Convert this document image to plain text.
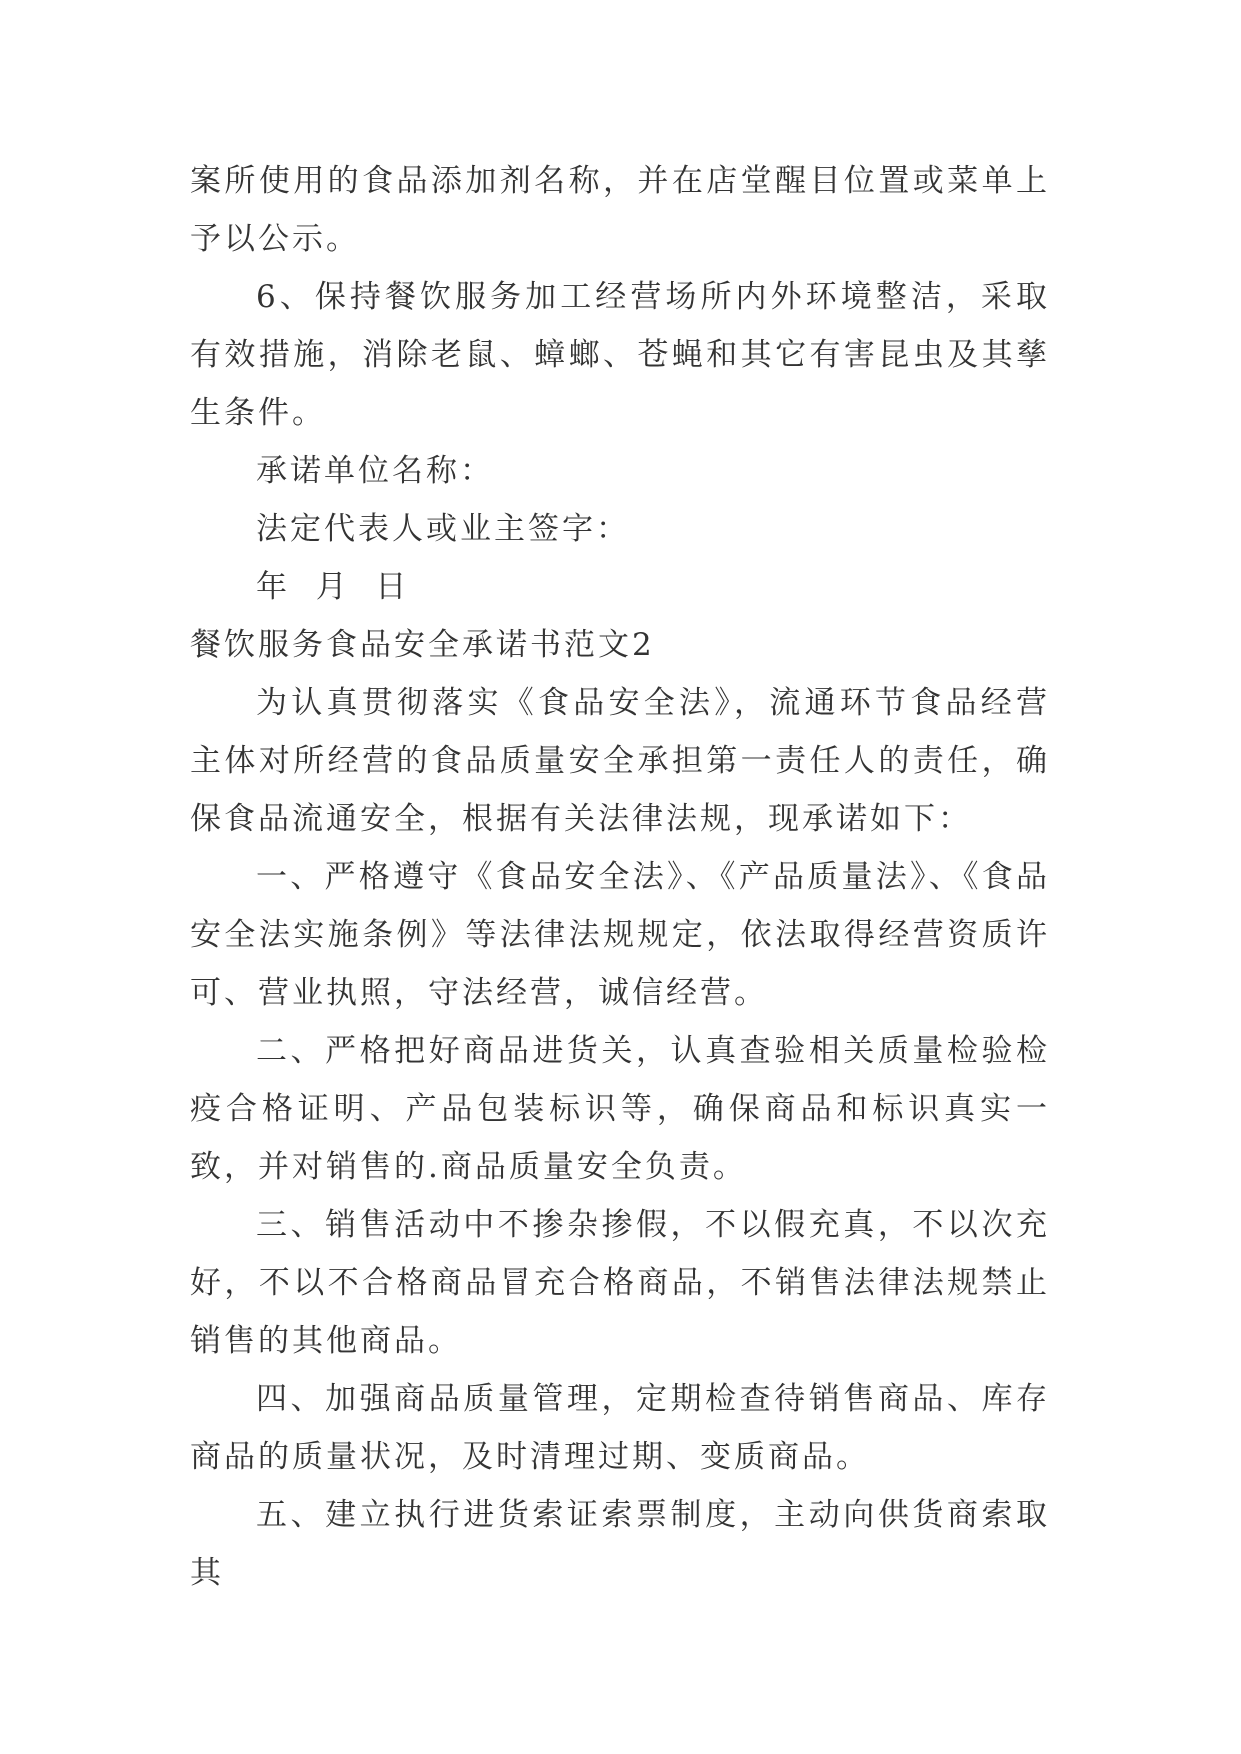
案所使用的食品添加剂名称，并在店堂醒目位置或菜单上予以公示。

6、保持餐饮服务加工经营场所内外环境整洁，采取有效措施，消除老鼠、蟑螂、苍蝇和其它有害昆虫及其孳生条件。

承诺单位名称：

法定代表人或业主签字：

年  月  日

餐饮服务食品安全承诺书范文2

为认真贯彻落实《食品安全法》，流通环节食品经营主体对所经营的食品质量安全承担第一责任人的责任，确保食品流通安全，根据有关法律法规，现承诺如下：

一、严格遵守《食品安全法》、《产品质量法》、《食品安全法实施条例》等法律法规规定，依法取得经营资质许可、营业执照，守法经营，诚信经营。

二、严格把好商品进货关，认真查验相关质量检验检疫合格证明、产品包装标识等，确保商品和标识真实一致，并对销售的.商品质量安全负责。

三、销售活动中不掺杂掺假，不以假充真，不以次充好，不以不合格商品冒充合格商品，不销售法律法规禁止销售的其他商品。

四、加强商品质量管理，定期检查待销售商品、库存商品的质量状况，及时清理过期、变质商品。

五、建立执行进货索证索票制度，主动向供货商索取其
